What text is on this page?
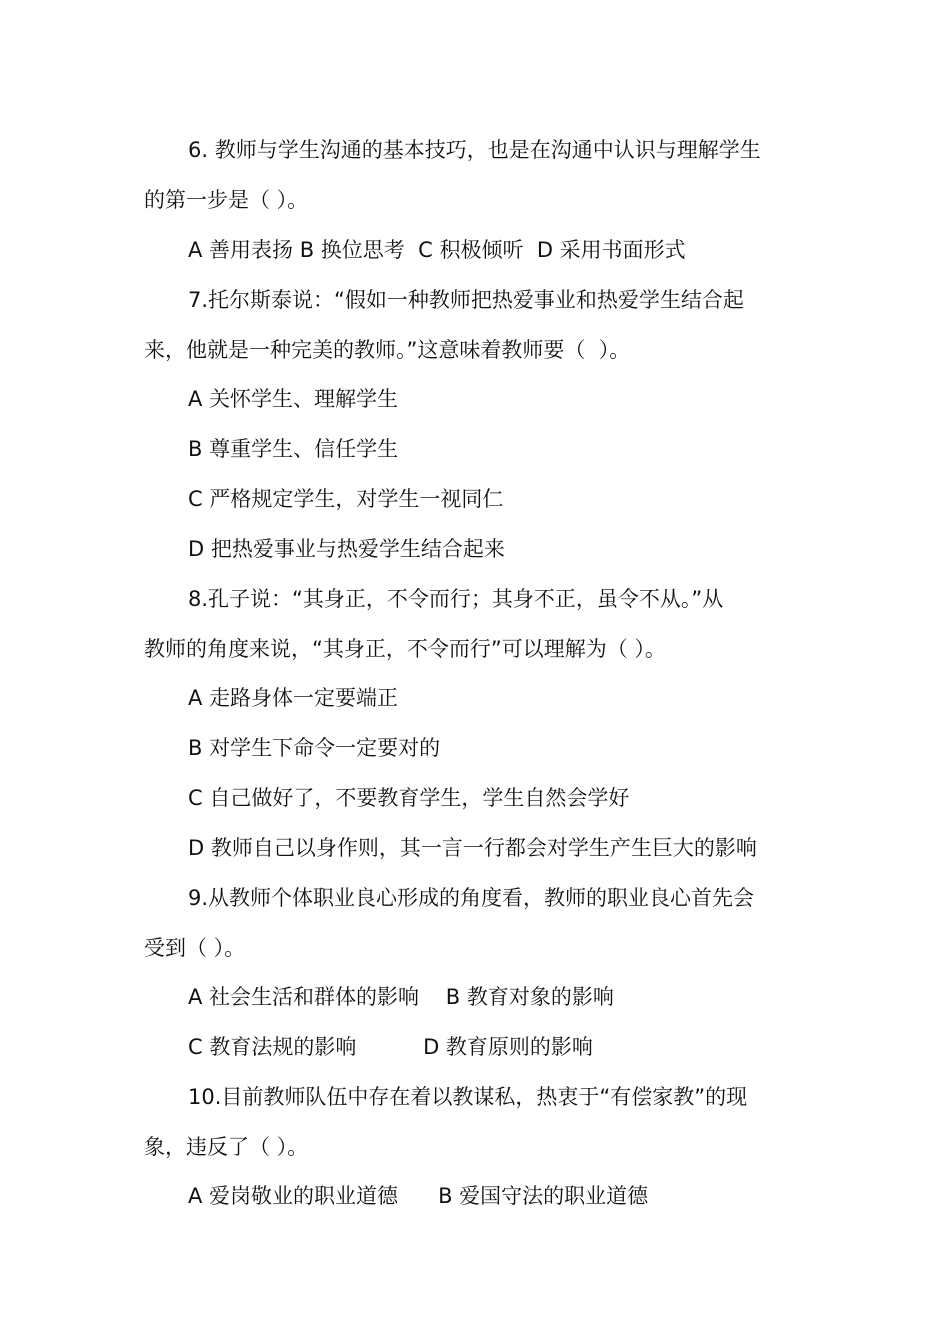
6. 教师与学生沟通的基本技巧，也是在沟通中认识与理解学生
的第一步是（ ）。
A 善用表扬 B 换位思考  C 积极倾听  D 采用书面形式
7.托尔斯泰说：“假如一种教师把热爱事业和热爱学生结合起
来，他就是一种完美的教师。”这意味着教师要（  ）。
A 关怀学生、理解学生
B 尊重学生、信任学生
C 严格规定学生，对学生一视同仁
D 把热爱事业与热爱学生结合起来
8.孔子说：“其身正，不令而行；其身不正，虽令不从。”从
教师的角度来说，“其身正，不令而行”可以理解为（ ）。
A 走路身体一定要端正
B 对学生下命令一定要对的
C 自己做好了，不要教育学生，学生自然会学好
D 教师自己以身作则，其一言一行都会对学生产生巨大的影响
9.从教师个体职业良心形成的角度看，教师的职业良心首先会
受到（ ）。
A 社会生活和群体的影响    B 教育对象的影响
C 教育法规的影响          D 教育原则的影响
10.目前教师队伍中存在着以教谋私，热衷于“有偿家教”的现
象，违反了（ ）。
A 爱岗敬业的职业道德      B 爱国守法的职业道德
